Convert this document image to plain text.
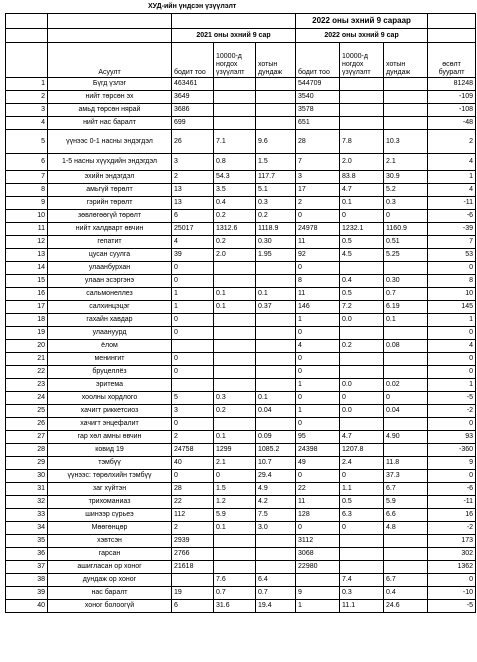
ХУД-ийн үндсэн үзүүлэлт
					2022 оны эхний 9 сараар			
		2021 оны эхний 9 сар			2022 оны эхний 9 сар			
	Асуулт	бодит тоо	10000-д ногдох үзүүлэлт	хотын дундаж	бодит тоо	10000-д ногдох үзүүлэлт	хотын дундаж	өсөлт бууралт
1	Бүгд үзлэг	463461			544709			81248
2	нийт төрсөн эх	3649			3540			-109
3	амьд төрсөн нярай	3686			3578			-108
4	нийт нас баралт	699			651			-48
5	үүнээс 0-1 насны эндэгдэл	26	7.1	9.6	28	7.8	10.3	2
6	1-5 насны хүүхдийн эндэгдэл	3	0.8	1.5	7	2.0	2.1	4
7	эхийн эндэгдэл	2	54.3	117.7	3	83.8	30.9	1
8	амьгүй төрөлт	13	3.5	5.1	17	4.7	5.2	4
9	гэрийн төрөлт	13	0.4	0.3	2	0.1	0.3	-11
10	зөвлөгөөгүй төрөлт	6	0.2	0.2	0	0	0	-6
11	нийт халдварт өвчин	25017	1312.6	1118.9	24978	1232.1	1160.9	-39
12	гепатит	4	0.2	0.30	11	0.5	0.51	7
13	цусан суулга	39	2.0	1.95	92	4.5	5.25	53
14	улаанбурхан	0			0			0
15	улаан эсэргэнэ	0			8	0.4	0.30	8
16	сальмонеллез	1	0.1	0.1	11	0.5	0.7	10
17	салхинцэцэг	1	0.1	0.37	146	7.2	6.19	145
18	гахайн хавдар	0			1	0.0	0.1	1
19	улаануурд	0			0			0
20	ёлом				4	0.2	0.08	4
21	менингит	0			0			0
22	бруцеллёз	0			0			0
23	эритема				1	0.0	0.02	1
24	хоолны хордлого	5	0.3	0.1	0	0	0	-5
25	хачигт риккетсиоз	3	0.2	0.04	1	0.0	0.04	-2
26	хачигт энцефалит	0			0			0
27	гар хөл амны өвчин	2	0.1	0.09	95	4.7	4.90	93
28	ковид 19	24758	1299	1085.2	24398	1207.8		-360
29	тэмбүү	40	2.1	10.7	49	2.4	11.8	9
30	үүнээс: төрөлхийн тэмбүү	0	0	29.4	0	0	37.3	0
31	заг хүйтэн	28	1.5	4.9	22	1.1	6.7	-6
32	трихоманиаз	22	1.2	4.2	11	0.5	5.9	-11
33	шинээр сүрьеэ	112	5.9	7.5	128	6.3	6.6	16
34	Мөөгөнцөр	2	0.1	3.0	0	0	4.8	-2
35	хэвтсэн	2939			3112			173
36	гарсан	2766			3068			302
37	ашигласан ор хоног	21618			22980			1362
38	дундаж ор хоног		7.6	6.4		7.4	6.7	0
39	нас баралт	19	0.7	0.7	9	0.3	0.4	-10
40	хоног болоогүй	6	31.6	19.4	1	11.1	24.6	-5
